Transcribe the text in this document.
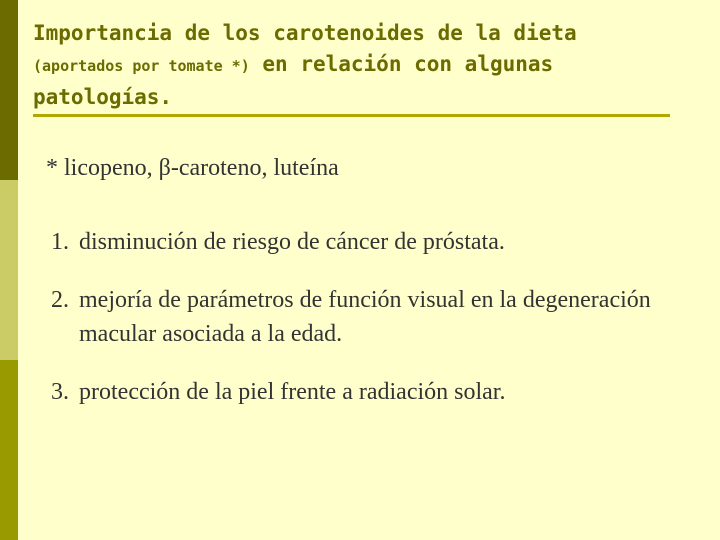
Importancia de los carotenoides de la dieta
(aportados por tomate *) en relación con algunas
patologías.
* licopeno, β-caroteno, luteína
1. disminución de riesgo de cáncer de próstata.
2. mejoría de parámetros de función visual en la degeneración macular asociada a la edad.
3. protección de la piel frente a radiación solar.
